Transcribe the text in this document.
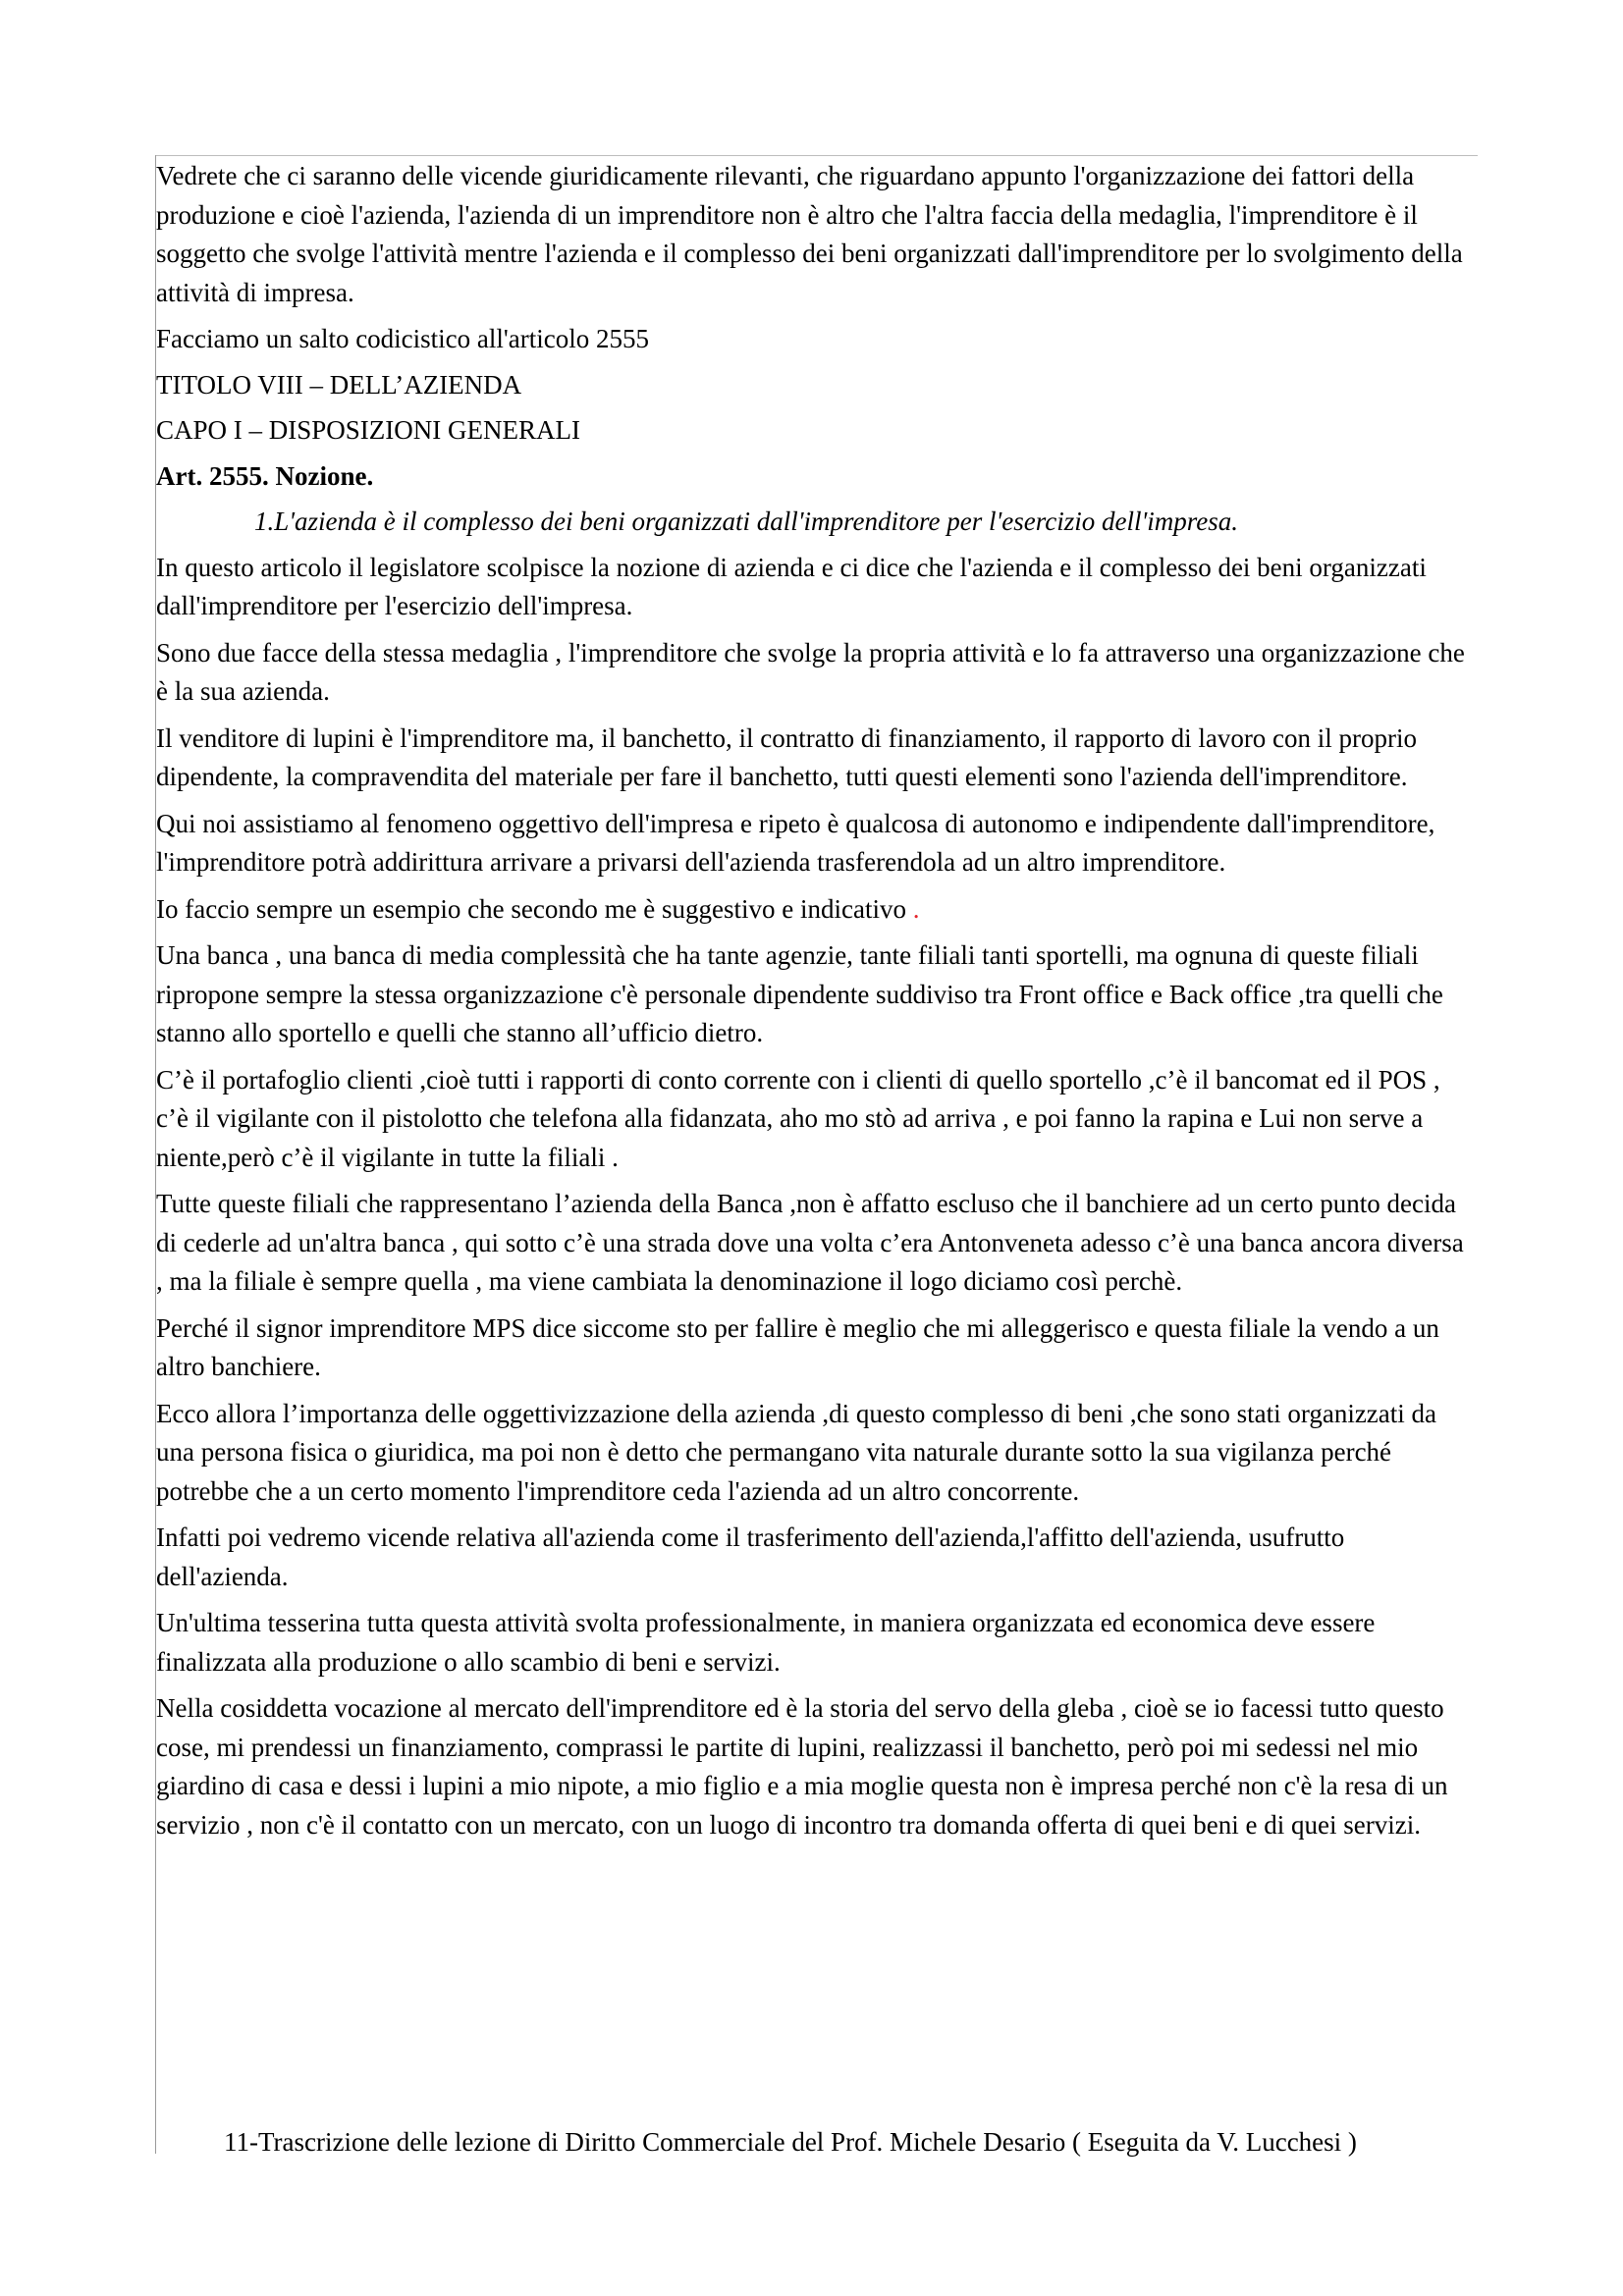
Vedrete che ci saranno delle vicende giuridicamente rilevanti, che riguardano appunto l'organizzazione dei fattori della produzione e cioè l'azienda, l'azienda di un imprenditore non è altro che l'altra faccia della medaglia, l'imprenditore è il soggetto che svolge l'attività mentre l'azienda e il complesso dei beni organizzati dall'imprenditore per lo svolgimento della attività di impresa.

Facciamo un salto codicistico all'articolo 2555

TITOLO VIII – DELL’AZIENDA

CAPO I – DISPOSIZIONI GENERALI

Art. 2555. Nozione.

1.L'azienda è il complesso dei beni organizzati dall'imprenditore per l'esercizio dell'impresa.

In questo articolo il legislatore scolpisce la nozione di azienda e ci dice che l'azienda e il complesso dei beni organizzati dall'imprenditore per l'esercizio dell'impresa.

Sono due facce della stessa medaglia , l'imprenditore che svolge la propria attività e lo fa attraverso una organizzazione che è la sua azienda.

Il venditore di lupini è l'imprenditore ma, il banchetto, il contratto di finanziamento, il rapporto di lavoro con il proprio dipendente, la compravendita del materiale per fare il banchetto, tutti questi elementi sono l'azienda dell'imprenditore.

Qui noi assistiamo al fenomeno oggettivo dell'impresa e ripeto è qualcosa di autonomo e indipendente dall'imprenditore, l'imprenditore potrà addirittura arrivare a privarsi dell'azienda trasferendola ad un altro imprenditore.

Io faccio sempre un esempio che secondo me è suggestivo e indicativo .

Una banca , una banca di media complessità che ha tante agenzie, tante filiali tanti sportelli, ma ognuna di queste filiali ripropone sempre la stessa organizzazione c'è personale dipendente suddiviso tra Front office e Back office ,tra quelli che stanno allo sportello e quelli che stanno all’ufficio dietro.

C’è il portafoglio clienti ,cioè tutti i rapporti di conto corrente con i clienti di quello sportello ,c’è il bancomat ed il POS , c’è il vigilante con il pistolotto che telefona alla fidanzata, aho mo stò ad arriva , e poi fanno la rapina e Lui non serve a niente,però c’è il vigilante in tutte la filiali .

Tutte queste filiali che rappresentano l’azienda della Banca ,non è affatto escluso che il banchiere ad un certo punto decida di cederle ad un'altra banca , qui sotto c’è una strada dove una volta c’era Antonveneta adesso c’è una banca ancora diversa , ma la filiale è sempre quella , ma viene cambiata la denominazione il logo diciamo così perchè.

Perché il signor imprenditore MPS dice siccome sto per fallire è meglio che mi alleggerisco e questa filiale la vendo a un altro banchiere.

Ecco allora l’importanza delle oggettivizzazione della azienda ,di questo complesso di beni ,che sono stati organizzati da una persona fisica o giuridica, ma poi non è detto che permangano vita naturale durante sotto la sua vigilanza perché potrebbe che a un certo momento l'imprenditore ceda l'azienda ad un altro concorrente.

Infatti poi vedremo vicende relativa all'azienda come il trasferimento dell'azienda,l'affitto dell'azienda, usufrutto dell'azienda.

Un'ultima tesserina tutta questa attività svolta professionalmente, in maniera organizzata ed economica deve essere finalizzata alla produzione o allo scambio di beni e servizi.

Nella cosiddetta vocazione al mercato dell'imprenditore ed è la storia del servo della gleba , cioè se io facessi tutto questo cose, mi prendessi un finanziamento, comprassi le partite di lupini, realizzassi il banchetto, però poi mi sedessi nel mio giardino di casa e dessi i lupini a mio nipote, a mio figlio e a mia moglie questa non è impresa perché non c'è la resa di un servizio , non c'è il contatto con un mercato, con un luogo di incontro tra domanda offerta di quei beni e di quei servizi.

11-Trascrizione delle lezione di Diritto Commerciale del Prof. Michele Desario ( Eseguita da V. Lucchesi )
